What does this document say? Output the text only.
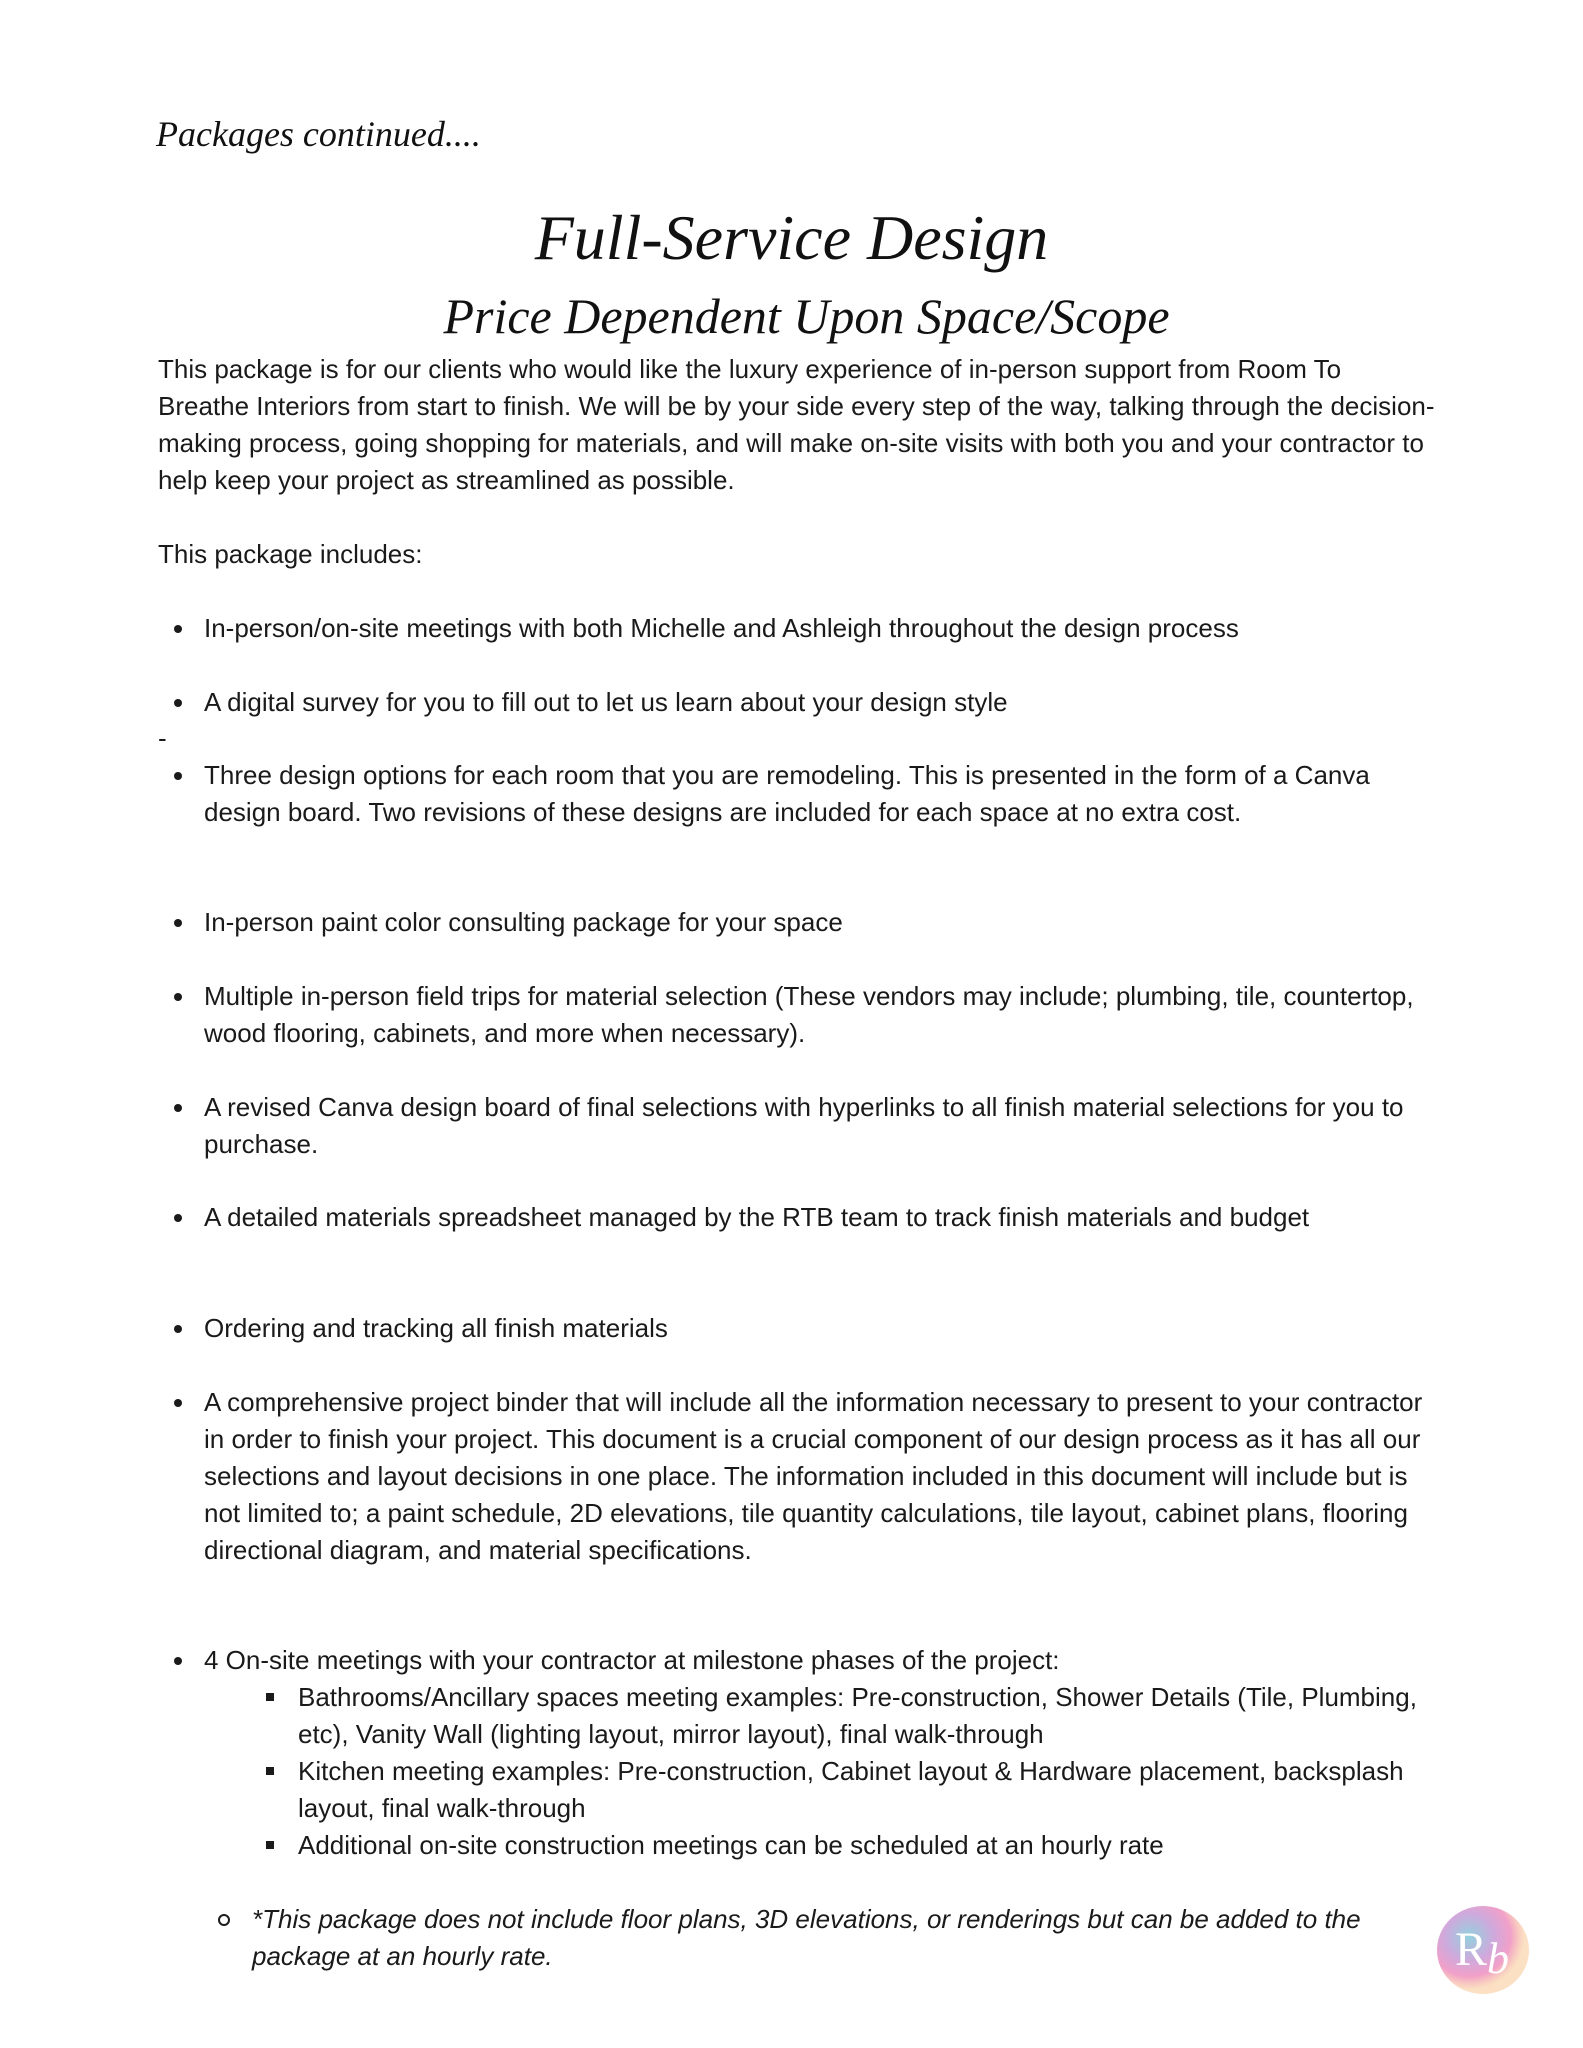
Packages continued....
Full-Service Design
Price Dependent Upon Space/Scope
This package is for our clients who would like the luxury experience of in-person support from Room To Breathe Interiors from start to finish. We will be by your side every step of the way, talking through the decision-making process, going shopping for materials, and will make on-site visits with both you and your contractor to help keep your project as streamlined as possible.
This package includes:
-
In-person/on-site meetings with both Michelle and Ashleigh throughout the design process
A digital survey for you to fill out to let us learn about your design style
Three design options for each room that you are remodeling. This is presented in the form of a Canva design board. Two revisions of these designs are included for each space at no extra cost.
In-person paint color consulting package for your space
Multiple in-person field trips for material selection (These vendors may include; plumbing, tile, countertop, wood flooring, cabinets, and more when necessary).
A revised Canva design board of final selections with hyperlinks to all finish material selections for you to purchase.
A detailed materials spreadsheet managed by the RTB team to track finish materials and budget
Ordering and tracking all finish materials
A comprehensive project binder that will include all the information necessary to present to your contractor in order to finish your project. This document is a crucial component of our design process as it has all our selections and layout decisions in one place. The information included in this document will include but is not limited to; a paint schedule, 2D elevations, tile quantity calculations, tile layout, cabinet plans, flooring directional diagram, and material specifications.
4 On-site meetings with your contractor at milestone phases of the project:
Bathrooms/Ancillary spaces meeting examples: Pre-construction, Shower Details (Tile, Plumbing, etc), Vanity Wall (lighting layout, mirror layout), final walk-through
Kitchen meeting examples: Pre-construction, Cabinet layout & Hardware placement, backsplash layout, final walk-through
Additional on-site construction meetings can be scheduled at an hourly rate
*This package does not include floor plans, 3D elevations, or renderings but can be added to the package at an hourly rate.	R b
